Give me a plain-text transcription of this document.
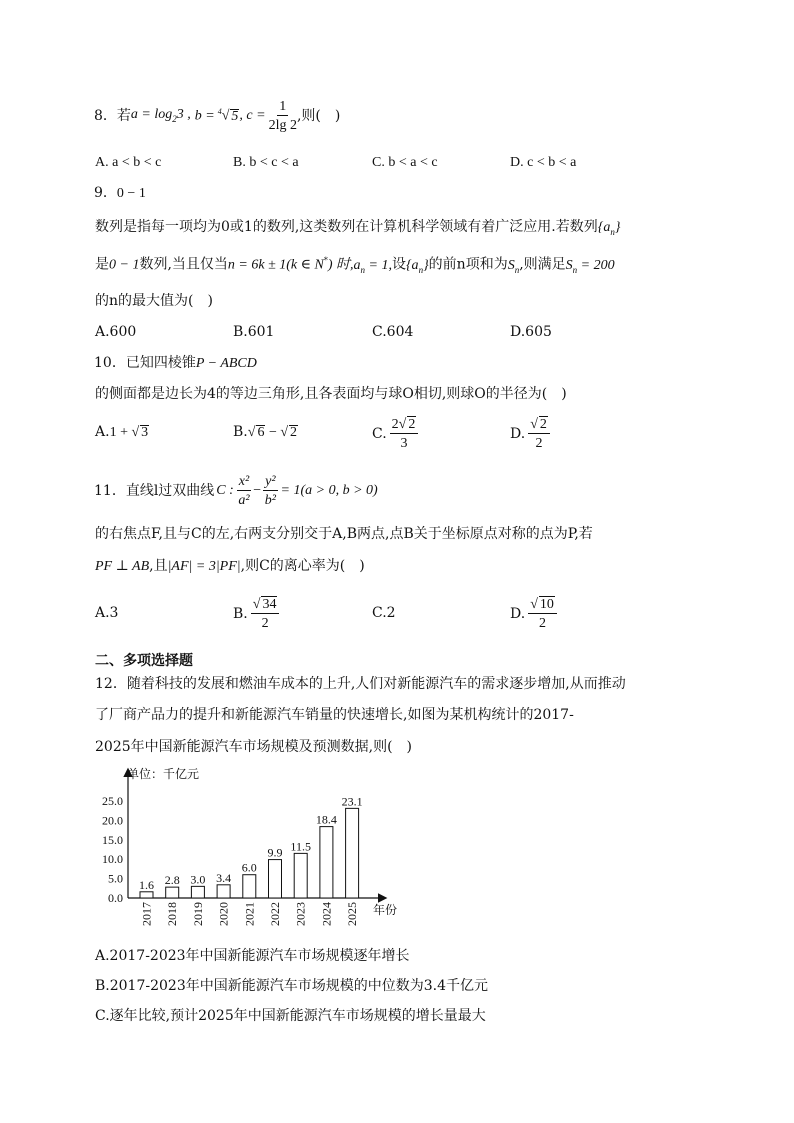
8．若 $a = \log_23$ , b = $^4$√ 5 , $c = \frac{1}{2\lg 2}$ ,则(　)
A. a < b < c	B. b < c < a	C. b < a < c	D. c < b < a
9．0 − 1
数列是指每一项均为0或1的数列,这类数列在计算机科学领域有着广泛应用.若数列$\{a_n\}$
是0 − 1数列,当且仅当n = 6k ± 1(k ∈ N*) 时$,a_n = 1$,设$\{a_n\}$的前n项和为$S_n$,则满足$S_n = 200$
的n的最大值为(　)
A.600	B.601	C.604	D.605
10．已知四棱锥P − ABCD
的侧面都是边长为4的等边三角形,且各表面均与球O相切,则球O的半径为(　)
A.1 + √ 3	B.√ 6 − √ 2	C. $\frac{2√ 2}{3}$	D. $\frac{√ 2}{2}$
11．直线l过双曲线 C : $\frac{\text{x²}}{\text{a²}} - \frac{\text{y²}}{\text{b²}} = 1(a > 0$, b > 0)
的右焦点F,且与C的左,右两支分别交于A,B两点,点B关于坐标原点对称的点为P,若
PF ⊥ AB,且|AF| = 3|PF|,则C的离心率为(　)
A.3	B. $\frac{√ 34}{2}$	C.2	D. $\frac{√ 10}{2}$
二、多项选择题
12．随着科技的发展和燃油车成本的上升,人们对新能源汽车的需求逐步增加,从而推动
了厂商产品力的提升和新能源汽车销量的快速增长,如图为某机构统计的2017-
2025年中国新能源汽车市场规模及预测数据,则(　)
单位：千亿元
年份
0.0
5.0
10.0
15.0
20.0
25.0
1.6
2017
2.8
2018
3.0
2019
3.4
2020
6.0
2021
9.9
2022
11.5
2023
18.4
2024
23.1
2025
A.2017-2023年中国新能源汽车市场规模逐年增长
B.2017-2023年中国新能源汽车市场规模的中位数为3.4千亿元
C.逐年比较,预计2025年中国新能源汽车市场规模的增长量最大
